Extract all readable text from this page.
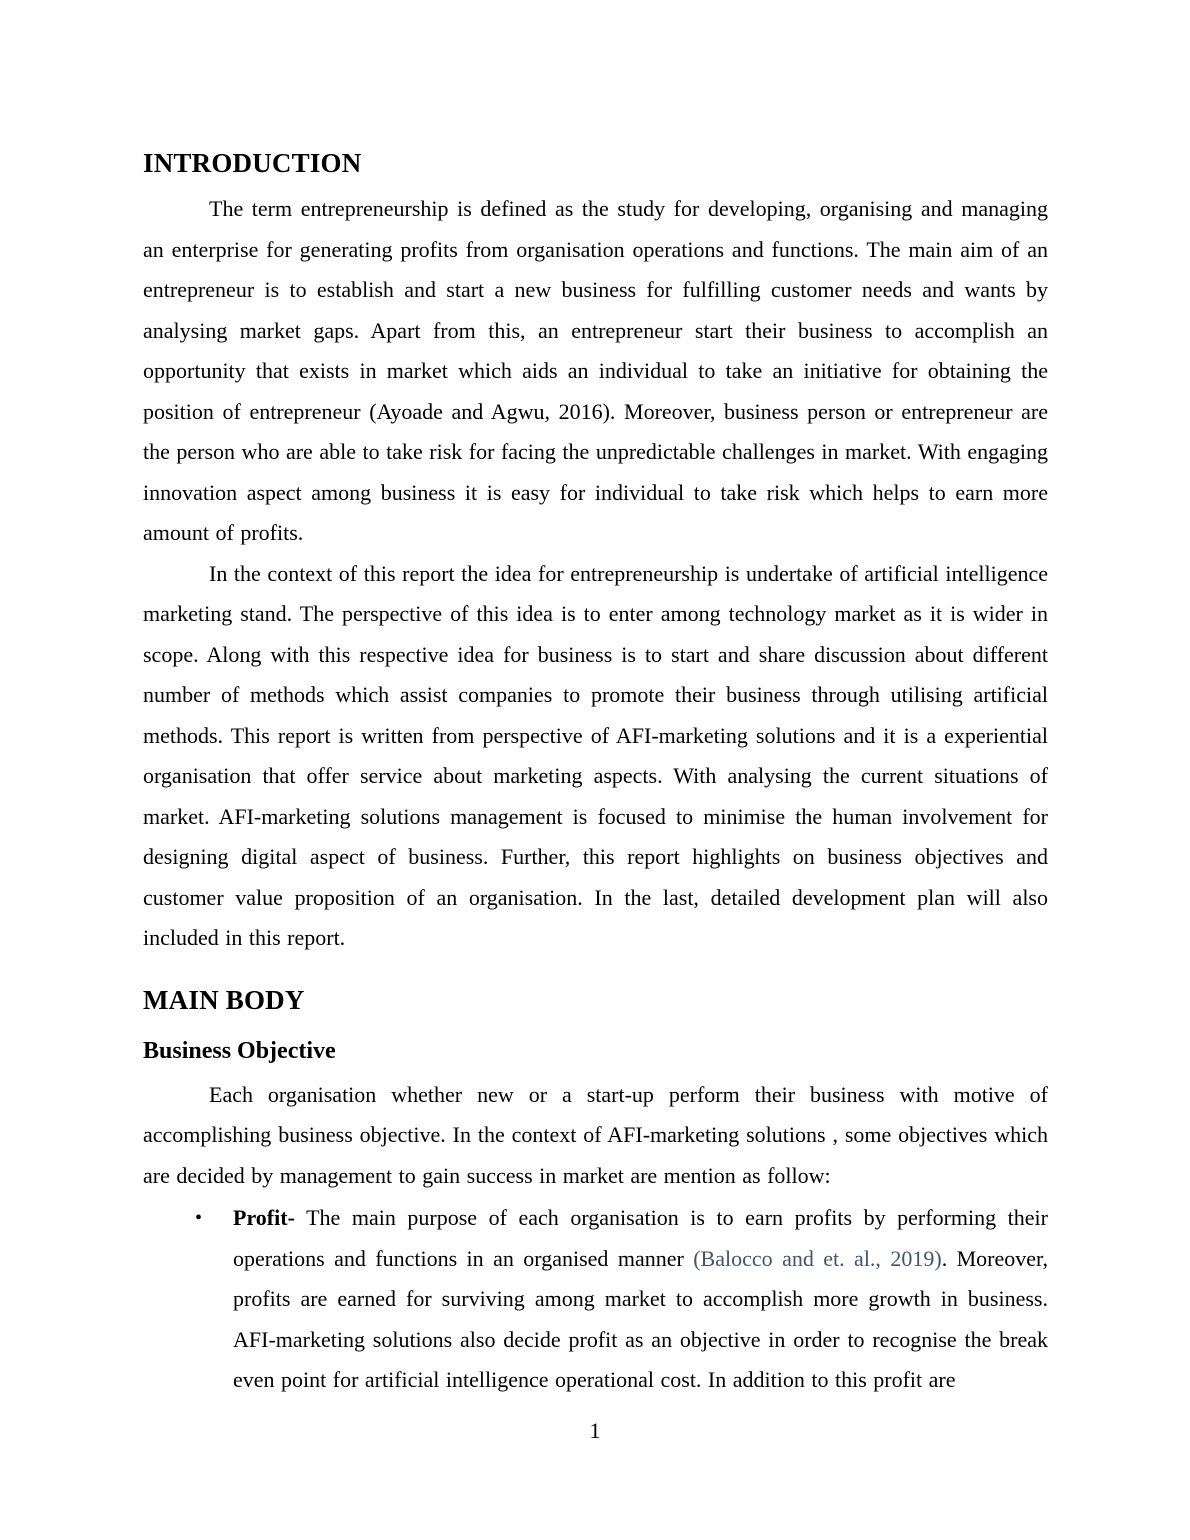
INTRODUCTION

The term entrepreneurship is defined as the study for developing, organising and managing an enterprise for generating profits from organisation operations and functions. The main aim of an entrepreneur is to establish and start a new business for fulfilling customer needs and wants by analysing market gaps. Apart from this, an entrepreneur start their business to accomplish an opportunity that exists in market which aids an individual to take an initiative for obtaining the position of entrepreneur (Ayoade and Agwu, 2016). Moreover, business person or entrepreneur are the person who are able to take risk for facing the unpredictable challenges in market. With engaging innovation aspect among business it is easy for individual to take risk which helps to earn more amount of profits.

In the context of this report the idea for entrepreneurship is undertake of artificial intelligence marketing stand. The perspective of this idea is to enter among technology market as it is wider in scope. Along with this respective idea for business is to start and share discussion about different number of methods which assist companies to promote their business through utilising artificial methods. This report is written from perspective of AFI-marketing solutions and it is a experiential organisation that offer service about marketing aspects. With analysing the current situations of market. AFI-marketing solutions management is focused to minimise the human involvement for designing digital aspect of business. Further, this report highlights on business objectives and customer value proposition of an organisation. In the last, detailed development plan will also included in this report.

MAIN BODY
Business Objective

Each organisation whether new or a start-up perform their business with motive of accomplishing business objective. In the context of AFI-marketing solutions , some objectives which are decided by management to gain success in market are mention as follow:

•	Profit- The main purpose of each organisation is to earn profits by performing their operations and functions in an organised manner (Balocco and et. al., 2019). Moreover, profits are earned for surviving among market to accomplish more growth in business. AFI-marketing solutions also decide profit as an objective in order to recognise the break even point for artificial intelligence operational cost. In addition to this profit are
1
